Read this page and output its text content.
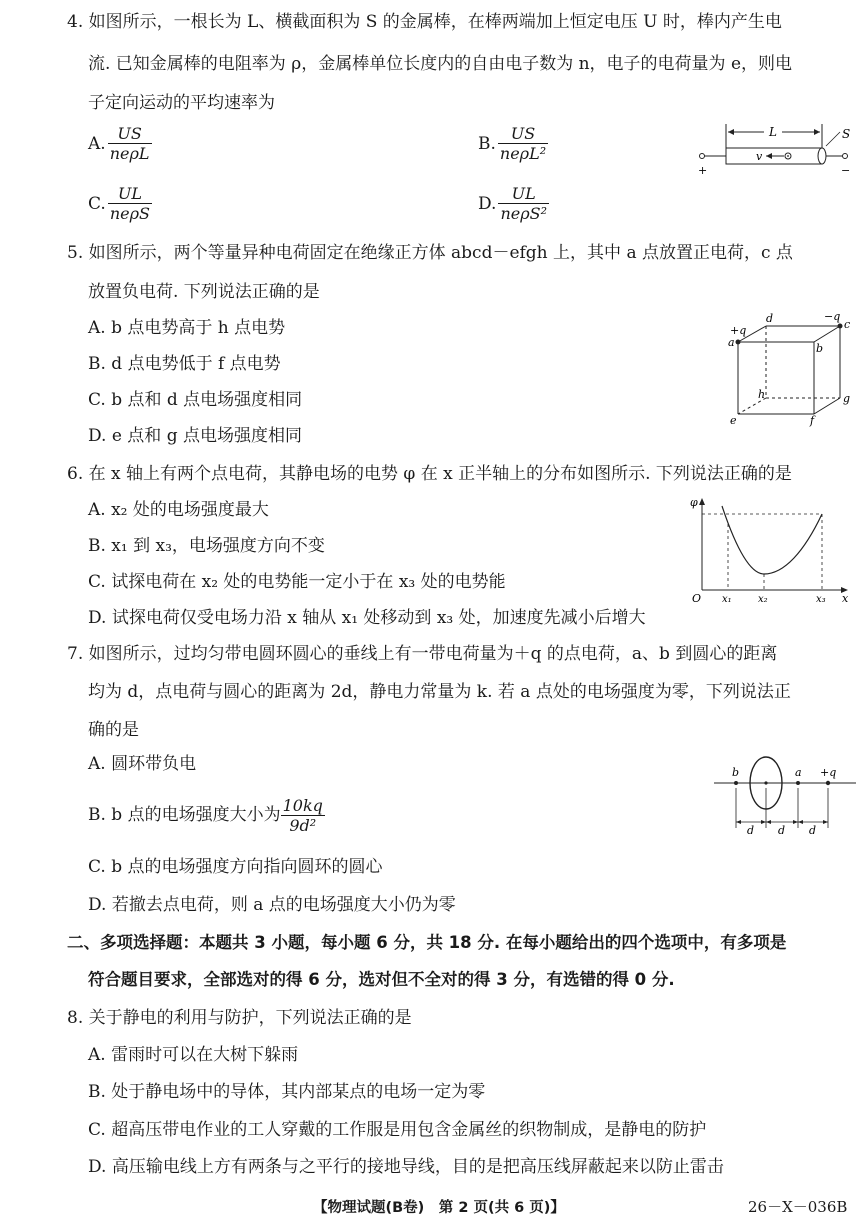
4. 如图所示，一根长为 L、横截面积为 S 的金属棒，在棒两端加上恒定电压 U 时，棒内产生电
流. 已知金属棒的电阻率为 ρ，金属棒单位长度内的自由电子数为 n，电子的电荷量为 e，则电
子定向运动的平均速率为
A. $\frac{US}{\text{neρL}}$	B. $\frac{US}{\text{neρL²}}$
C. $\frac{UL}{\text{neρS}}$	D. $\frac{UL}{\text{neρS²}}$
L	S
v
+	−
5. 如图所示，两个等量异种电荷固定在绝缘正方体 abcd－efgh 上，其中 a 点放置正电荷，c 点
放置负电荷. 下列说法正确的是
A. b 点电势高于 h 点电势
B. d 点电势低于 f 点电势
C. b 点和 d 点电场强度相同
D. e 点和 g 点电场强度相同
+q
a
d	−q
c
b
h	g
e	f
6. 在 x 轴上有两个点电荷，其静电场的电势 φ 在 x 正半轴上的分布如图所示. 下列说法正确的是
A. x₂ 处的电场强度最大
B. x₁ 到 x₃，电场强度方向不变
C. 试探电荷在 x₂ 处的电势能一定小于在 x₃ 处的电势能
D. 试探电荷仅受电场力沿 x 轴从 x₁ 处移动到 x₃ 处，加速度先减小后增大
φ
x
O x₁	x₂	x₃
7. 如图所示，过均匀带电圆环圆心的垂线上有一带电荷量为＋q 的点电荷，a、b 到圆心的距离
均为 d，点电荷与圆心的距离为 2d，静电力常量为 k. 若 a 点处的电场强度为零，下列说法正
确的是
A. 圆环带负电
B. b 点的电场强度大小为 $\frac{10kq}{\text{9d²}}$
C. b 点的电场强度方向指向圆环的圆心
D. 若撤去点电荷，则 a 点的电场强度大小仍为零
b	a +q
d d d
二、多项选择题：本题共 3 小题，每小题 6 分，共 18 分. 在每小题给出的四个选项中，有多项是
符合题目要求，全部选对的得 6 分，选对但不全对的得 3 分，有选错的得 0 分.
8. 关于静电的利用与防护，下列说法正确的是
A. 雷雨时可以在大树下躲雨
B. 处于静电场中的导体，其内部某点的电场一定为零
C. 超高压带电作业的工人穿戴的工作服是用包含金属丝的织物制成，是静电的防护
D. 高压输电线上方有两条与之平行的接地导线，目的是把高压线屏蔽起来以防止雷击
【物理试题(B卷)　第 2 页(共 6 页)】	26－X－036B
